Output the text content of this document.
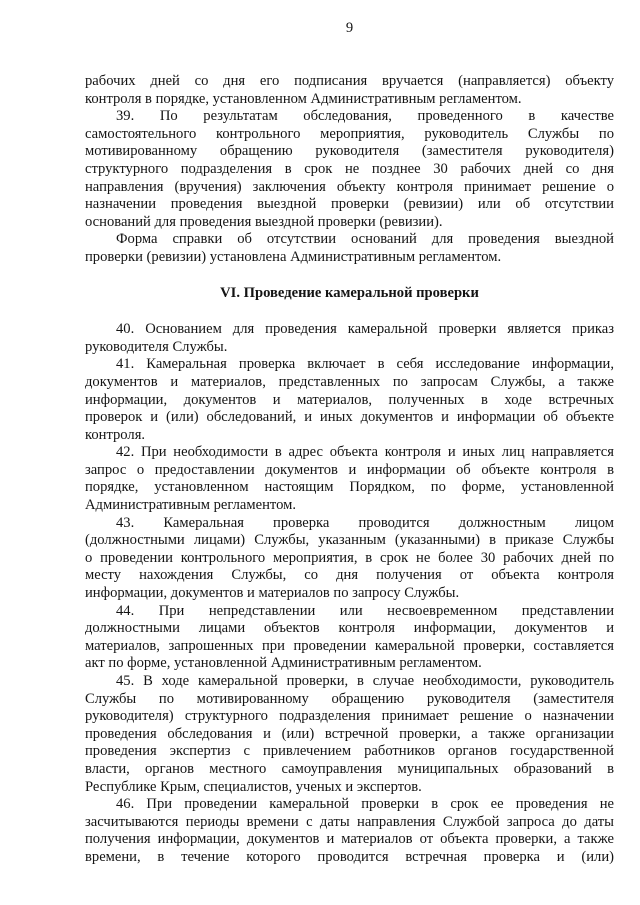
9
рабочих дней со дня его подписания вручается (направляется) объекту
контроля в порядке, установленном Административным регламентом.
39. По результатам обследования, проведенного в качестве
самостоятельного контрольного мероприятия, руководитель Службы по
мотивированному обращению руководителя (заместителя руководителя)
структурного подразделения в срок не позднее 30 рабочих дней со дня
направления (вручения) заключения объекту контроля принимает решение о
назначении проведения выездной проверки (ревизии) или об отсутствии
оснований для проведения выездной проверки (ревизии).
Форма справки об отсутствии оснований для проведения выездной
проверки (ревизии) установлена Административным регламентом.
VI. Проведение камеральной проверки
40. Основанием для проведения камеральной проверки является приказ
руководителя Службы.
41. Камеральная проверка включает в себя исследование информации,
документов и материалов, представленных по запросам Службы, а также
информации, документов и материалов, полученных в ходе встречных
проверок и (или) обследований, и иных документов и информации об объекте
контроля.
42. При необходимости в адрес объекта контроля и иных лиц направляется
запрос о предоставлении документов и информации об объекте контроля в
порядке, установленном настоящим Порядком, по форме, установленной
Административным регламентом.
43. Камеральная проверка проводится должностным лицом
(должностными лицами) Службы, указанным (указанными) в приказе Службы
о проведении контрольного мероприятия, в срок не более 30 рабочих дней по
месту нахождения Службы, со дня получения от объекта контроля
информации, документов и материалов по запросу Службы.
44. При непредставлении или несвоевременном представлении
должностными лицами объектов контроля информации, документов и
материалов, запрошенных при проведении камеральной проверки, составляется
акт по форме, установленной Административным регламентом.
45. В ходе камеральной проверки, в случае необходимости, руководитель
Службы по мотивированному обращению руководителя (заместителя
руководителя) структурного подразделения принимает решение о назначении
проведения обследования и (или) встречной проверки, а также организации
проведения экспертиз с привлечением работников органов государственной
власти, органов местного самоуправления муниципальных образований в
Республике Крым, специалистов, ученых и экспертов.
46. При проведении камеральной проверки в срок ее проведения не
засчитываются периоды времени с даты направления Службой запроса до даты
получения информации, документов и материалов от объекта проверки, а также
времени, в течение которого проводится встречная проверка и (или)
